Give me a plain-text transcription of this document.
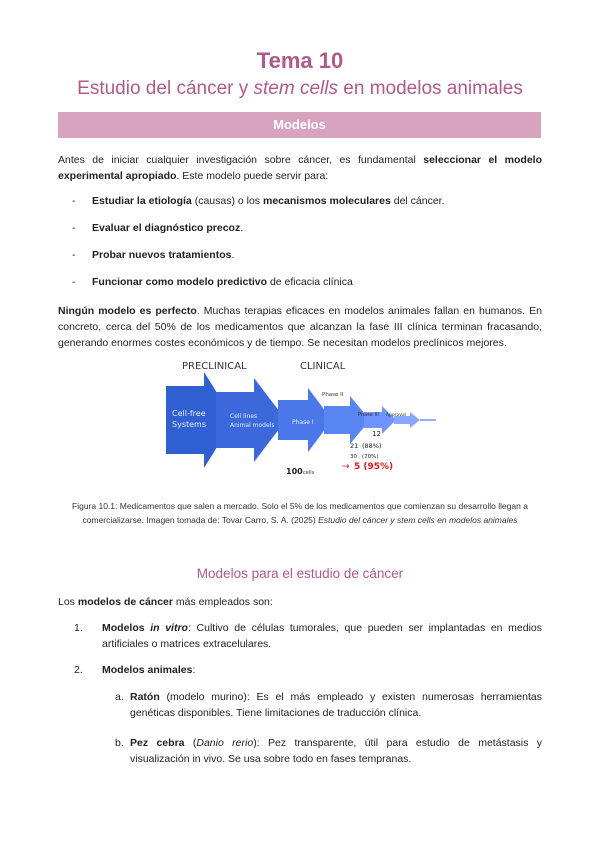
Tema 10
Estudio del cáncer y stem cells en modelos animales
Modelos
Antes de iniciar cualquier investigación sobre cáncer, es fundamental seleccionar el modelo experimental apropiado. Este modelo puede servir para:
- Estudiar la etiología (causas) o los mecanismos moleculares del cáncer.
- Evaluar el diagnóstico precoz.
- Probar nuevos tratamientos.
- Funcionar como modelo predictivo de eficacia clínica
Ningún modelo es perfecto. Muchas terapias eficaces en modelos animales fallan en humanos. En concreto, cerca del 50% de los medicamentos que alcanzan la fase III clínica terminan fracasando, generando enormes costes económicos y de tiempo. Se necesitan modelos preclínicos mejores.
PRECLINICAL	CLINICAL
Cell-free
Systems
Cell lines
Animal models	Phase I
Phase II
Phase III Approval
100 cells
12
21 (88%)
30 (70%)
→ 5 (95%)
Figura 10.1: Medicamentos que salen a mercado. Solo el 5% de los medicamentos que comienzan su desarrollo llegan a comercializarse. Imagen tomada de: Tovar Carro, S. A. (2025) Estudio del cáncer y stem cells en modelos animales
Modelos para el estudio de cáncer
Los modelos de cáncer más empleados son:
1.	Modelos in vitro: Cultivo de células tumorales, que pueden ser implantadas en medios artificiales o matrices extracelulares.
2.	Modelos animales:
a. Ratón (modelo murino): Es el más empleado y existen numerosas herramientas genéticas disponibles. Tiene limitaciones de traducción clínica.
b. Pez cebra (Danio rerio): Pez transparente, útil para estudio de metástasis y visualización in vivo. Se usa sobre todo en fases tempranas.
